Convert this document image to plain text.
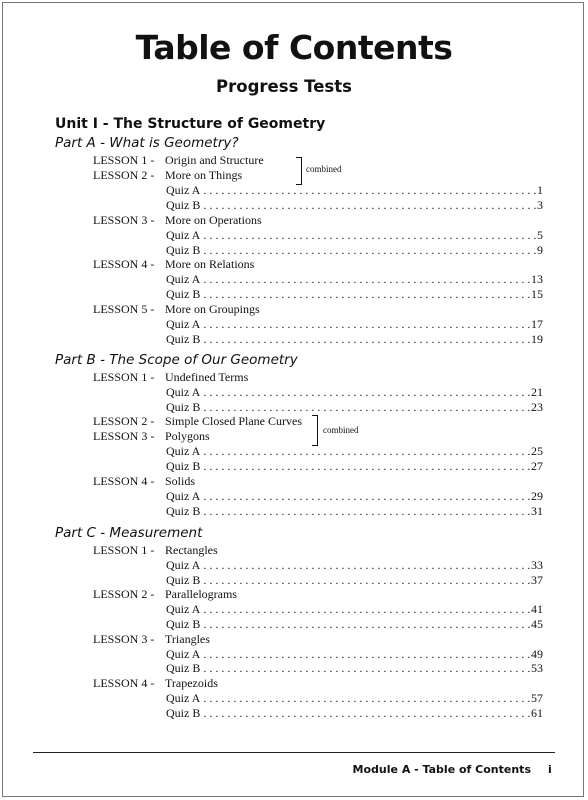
Table of Contents
Progress Tests
Unit I - The Structure of Geometry
Part A - What is Geometry?
LESSON 1 - Origin and Structure
LESSON 2 - More on Things	combined
Quiz A . . .	1
Quiz B . . .	3
LESSON 3 - More on Operations
Quiz A . . .	5
Quiz B . . .	9
LESSON 4 - More on Relations
Quiz A . . .	13
Quiz B . . .	15
LESSON 5 - More on Groupings
Quiz A . . .	17
Quiz B . . .	19
Part B - The Scope of Our Geometry
LESSON 1 - Undefined Terms
Quiz A . . .	21
Quiz B . . .	23
LESSON 2 - Simple Closed Plane Curves
LESSON 3 - Polygons	combined
Quiz A . . .	25
Quiz B . . .	27
LESSON 4 - Solids
Quiz A . . .	29
Quiz B . . .	31
Part C - Measurement
LESSON 1 - Rectangles
Quiz A . . .	33
Quiz B . . .	37
LESSON 2 - Parallelograms
Quiz A . . .	41
Quiz B . . .	45
LESSON 3 - Triangles
Quiz A . . .	49
Quiz B . . .	53
LESSON 4 - Trapezoids
Quiz A . . .	57
Quiz B . . .	61
Module A - Table of Contents i
